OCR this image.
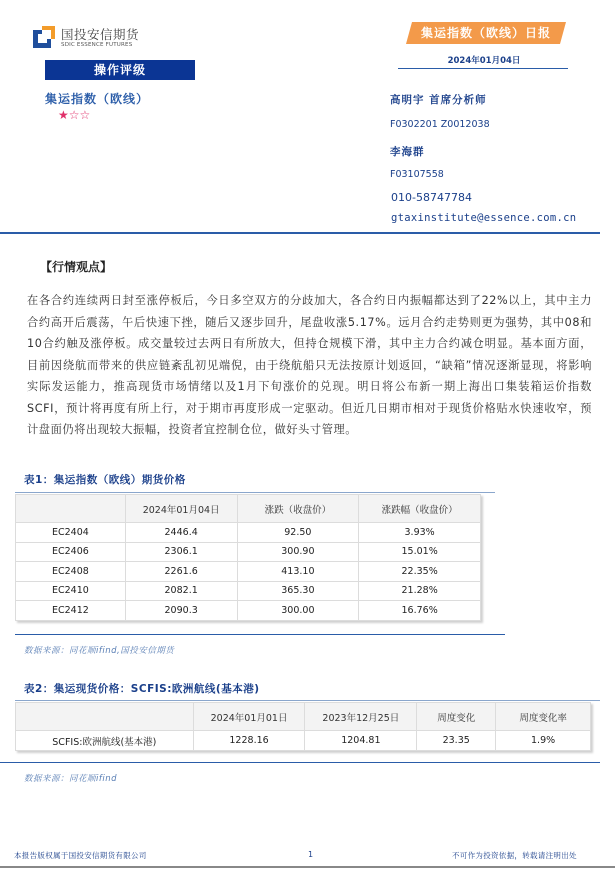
国投安信期货
SDIC ESSENCE FUTURES
操作评级
集运指数（欧线）
★☆☆
集运指数（欧线）日报
2024年01月04日
高明宇 首席分析师
F0302201 Z0012038
李海群
F03107558
010-58747784
gtaxinstitute@essence.com.cn
【行情观点】
在各合约连续两日封至涨停板后，今日多空双方的分歧加大，各合约日内振幅都达到了22%以上，其中主力合约高开后震荡，午后快速下挫，随后又逐步回升，尾盘收涨5.17%。远月合约走势则更为强势，其中08和10合约触及涨停板。成交量较过去两日有所放大，但持仓规模下滑，其中主力合约减仓明显。基本面方面，目前因绕航而带来的供应链紊乱初见端倪，由于绕航船只无法按原计划返回，“缺箱”情况逐渐显现，将影响实际发运能力，推高现货市场情绪以及1月下旬涨价的兑现。明日将公布新一期上海出口集装箱运价指数SCFI，预计将再度有所上行，对于期市再度形成一定驱动。但近几日期市相对于现货价格贴水快速收窄，预计盘面仍将出现较大振幅，投资者宜控制仓位，做好头寸管理。
表1：集运指数（欧线）期货价格
	2024年01月04日	涨跌（收盘价）	涨跌幅（收盘价）
EC2404	2446.4	92.50	3.93%
EC2406	2306.1	300.90	15.01%
EC2408	2261.6	413.10	22.35%
EC2410	2082.1	365.30	21.28%
EC2412	2090.3	300.00	16.76%
数据来源：同花顺ifind,国投安信期货
表2：集运现货价格：SCFIS:欧洲航线(基本港)
	2024年01月01日	2023年12月25日	周度变化	周度变化率
SCFIS:欧洲航线(基本港)	1228.16	1204.81	23.35	1.9%
数据来源：同花顺ifind
本报告版权属于国投安信期货有限公司	1	不可作为投资依据，转载请注明出处
